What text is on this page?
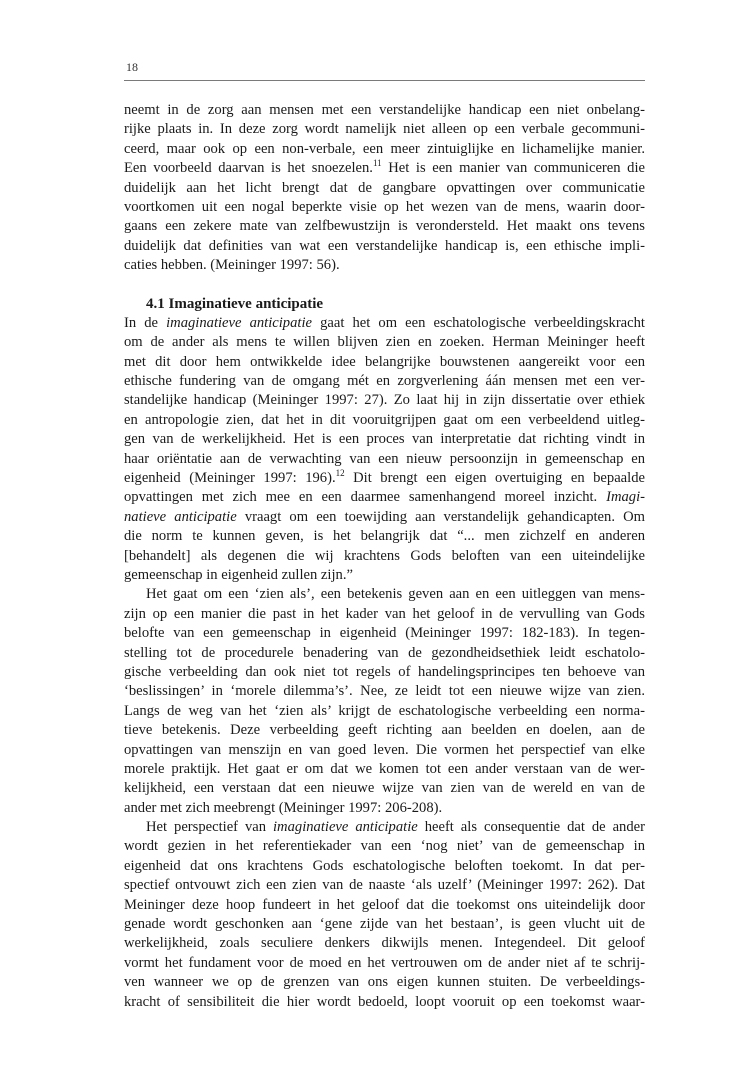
18
neemt in de zorg aan mensen met een verstandelijke handicap een niet onbelang-
rijke plaats in. In deze zorg wordt namelijk niet alleen op een verbale gecommuni-
ceerd, maar ook op een non-verbale, een meer zintuiglijke en lichamelijke manier.
Een voorbeeld daarvan is het snoezelen.$^{11}$ Het is een manier van communiceren die
duidelijk aan het licht brengt dat de gangbare opvattingen over communicatie
voortkomen uit een nogal beperkte visie op het wezen van de mens, waarin door-
gaans een zekere mate van zelfbewustzijn is verondersteld. Het maakt ons tevens
duidelijk dat definities van wat een verstandelijke handicap is, een ethische impli-
caties hebben. (Meininger 1997: 56).
4.1 Imaginatieve anticipatie
In de imaginatieve anticipatie gaat het om een eschatologische verbeeldingskracht
om de ander als mens te willen blijven zien en zoeken. Herman Meininger heeft
met dit door hem ontwikkelde idee belangrijke bouwstenen aangereikt voor een
ethische fundering van de omgang mét en zorgverlening áán mensen met een ver-
standelijke handicap (Meininger 1997: 27). Zo laat hij in zijn dissertatie over ethiek
en antropologie zien, dat het in dit vooruitgrijpen gaat om een verbeeldend uitleg-
gen van de werkelijkheid. Het is een proces van interpretatie dat richting vindt in
haar oriëntatie aan de verwachting van een nieuw persoonzijn in gemeenschap en
eigenheid (Meininger 1997: 196).$^{12}$ Dit brengt een eigen overtuiging en bepaalde
opvattingen met zich mee en een daarmee samenhangend moreel inzicht. Imagi-
natieve anticipatie vraagt om een toewijding aan verstandelijk gehandicapten. Om
die norm te kunnen geven, is het belangrijk dat “... men zichzelf en anderen
[behandelt] als degenen die wij krachtens Gods beloften van een uiteindelijke
gemeenschap in eigenheid zullen zijn.”
Het gaat om een ‘zien als’, een betekenis geven aan en een uitleggen van mens-
zijn op een manier die past in het kader van het geloof in de vervulling van Gods
belofte van een gemeenschap in eigenheid (Meininger 1997: 182-183). In tegen-
stelling tot de procedurele benadering van de gezondheidsethiek leidt eschatolo-
gische verbeelding dan ook niet tot regels of handelingsprincipes ten behoeve van
‘beslissingen’ in ‘morele dilemma’s’. Nee, ze leidt tot een nieuwe wijze van zien.
Langs de weg van het ‘zien als’ krijgt de eschatologische verbeelding een norma-
tieve betekenis. Deze verbeelding geeft richting aan beelden en doelen, aan de
opvattingen van menszijn en van goed leven. Die vormen het perspectief van elke
morele praktijk. Het gaat er om dat we komen tot een ander verstaan van de wer-
kelijkheid, een verstaan dat een nieuwe wijze van zien van de wereld en van de
ander met zich meebrengt (Meininger 1997: 206-208).
Het perspectief van imaginatieve anticipatie heeft als consequentie dat de ander
wordt gezien in het referentiekader van een ‘nog niet’ van de gemeenschap in
eigenheid dat ons krachtens Gods eschatologische beloften toekomt. In dat per-
spectief ontvouwt zich een zien van de naaste ‘als uzelf’ (Meininger 1997: 262). Dat
Meininger deze hoop fundeert in het geloof dat die toekomst ons uiteindelijk door
genade wordt geschonken aan ‘gene zijde van het bestaan’, is geen vlucht uit de
werkelijkheid, zoals seculiere denkers dikwijls menen. Integendeel. Dit geloof
vormt het fundament voor de moed en het vertrouwen om de ander niet af te schrij-
ven wanneer we op de grenzen van ons eigen kunnen stuiten. De verbeeldings-
kracht of sensibiliteit die hier wordt bedoeld, loopt vooruit op een toekomst waar-
